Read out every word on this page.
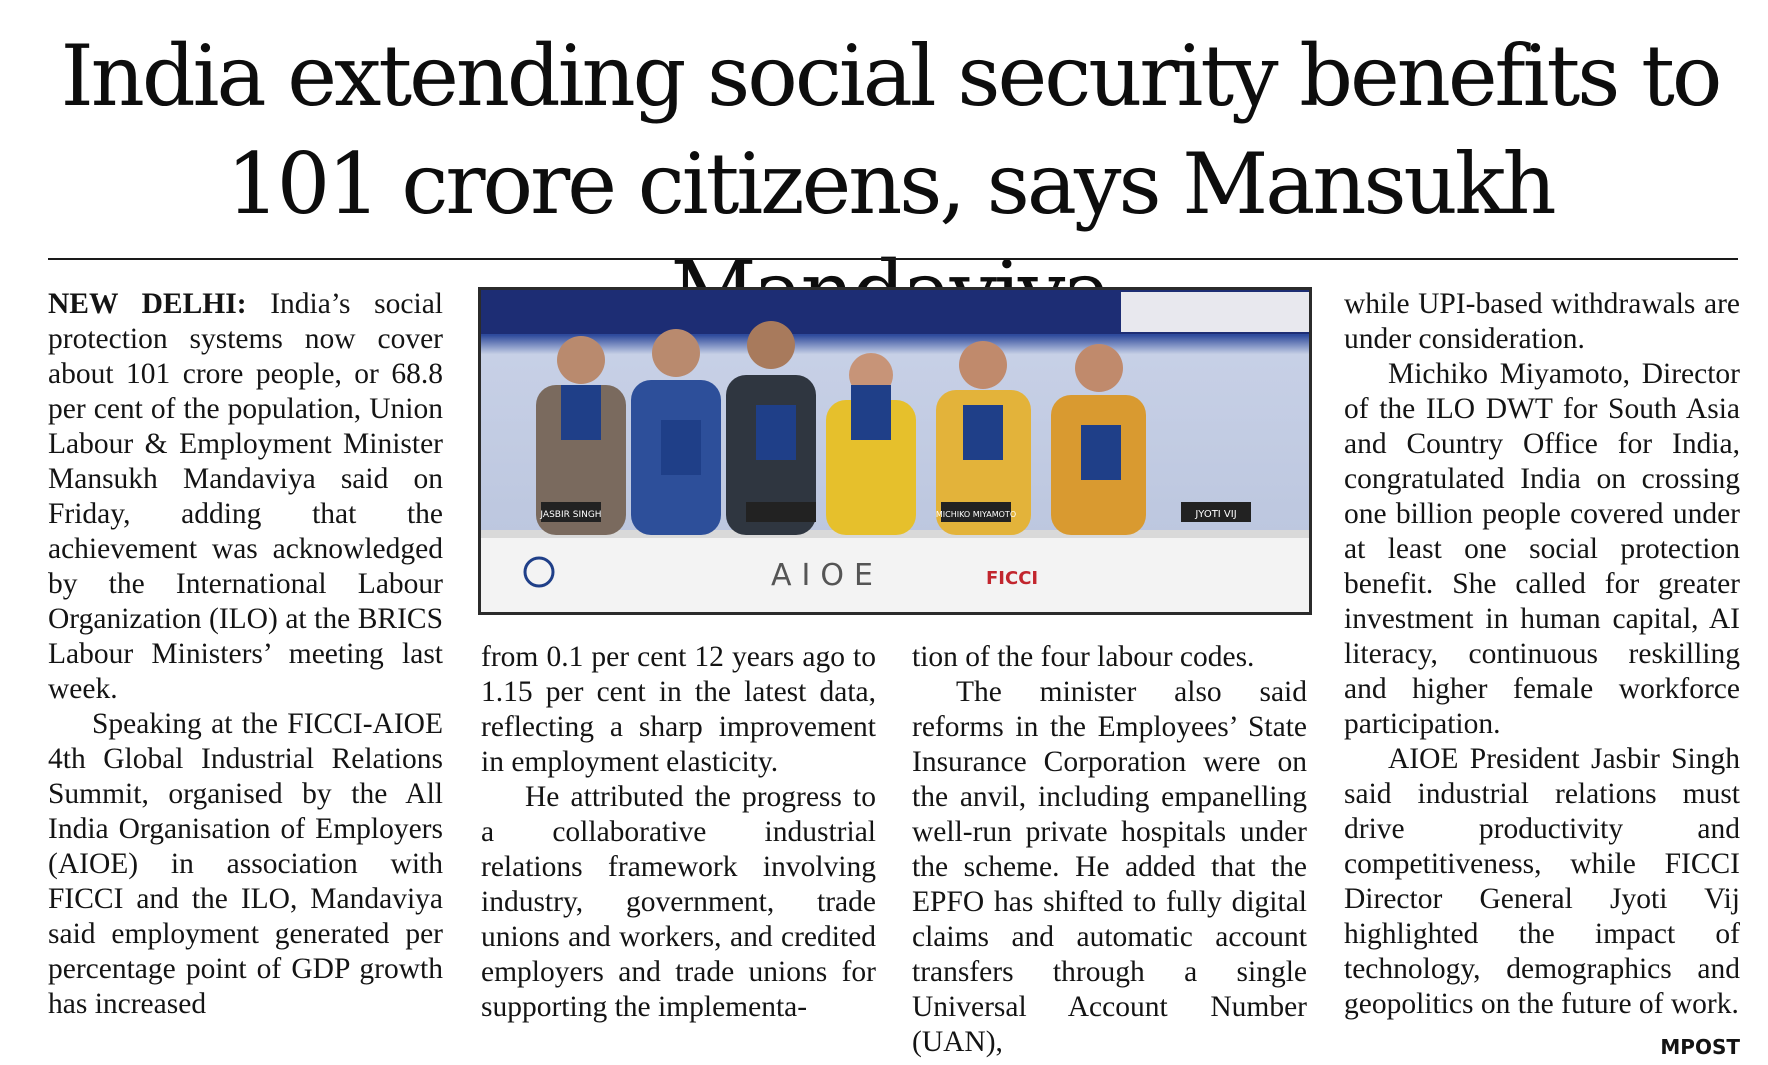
India extending social security benefits to
101 crore citizens, says Mansukh

NEW DELHI: India’s social protection systems now cover about 101 crore people, or 68.8 per cent of the population, Union Labour & Employment Minister Mansukh Mandaviya said on Friday, adding that the achievement was acknowledged by the International Labour Organization (ILO) at the BRICS Labour Ministers’ meeting last week.

Speaking at the FICCI-AIOE 4th Global Industrial Relations Summit, organised by the All India Organisation of Employers (AIOE) in association with FICCI and the ILO, Mandaviya said employment generated per percentage point of GDP growth has increased

JASBIR SINGH	MICHIKO MIYAMOTO	JYOTI VIJ
AIOE	FICCI

from 0.1 per cent 12 years ago to 1.15 per cent in the latest data, reflecting a sharp improvement in employment elasticity.

He attributed the progress to a collaborative industrial relations framework involving industry, government, trade unions and workers, and credited employers and trade unions for supporting the implementa-

tion of the four labour codes.

The minister also said reforms in the Employees’ State Insurance Corporation were on the anvil, including empanelling well-run private hospitals under the scheme. He added that the EPFO has shifted to fully digital claims and automatic account transfers through a single Universal Account Number (UAN),

while UPI-based withdrawals are under consideration.

Michiko Miyamoto, Director of the ILO DWT for South Asia and Country Office for India, congratulated India on crossing one billion people covered under at least one social protection benefit. She called for greater investment in human capital, AI literacy, continuous reskilling and higher female workforce participation.

AIOE President Jasbir Singh said industrial relations must drive productivity and competitiveness, while FICCI Director General Jyoti Vij highlighted the impact of technology, demographics and geopolitics on the future of work.
MPOST
